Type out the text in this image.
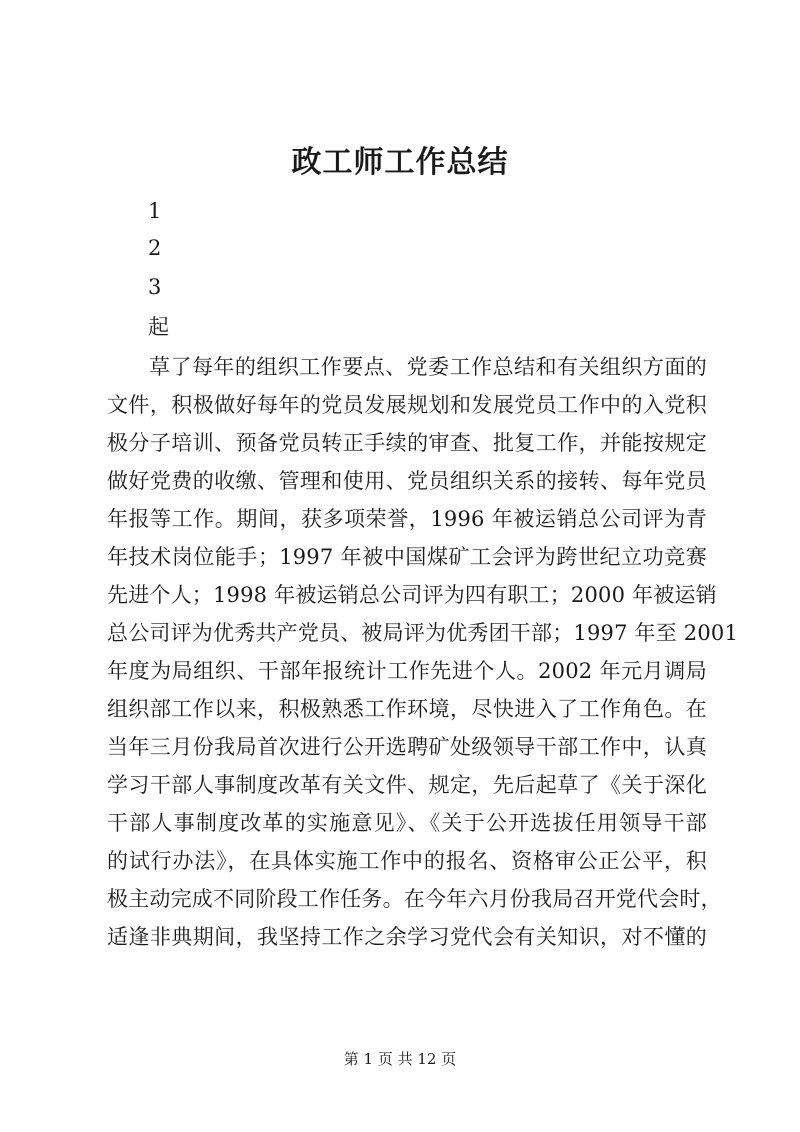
政工师工作总结
1
2
3
起
草了每年的组织工作要点、党委工作总结和有关组织方面的
文件，积极做好每年的党员发展规划和发展党员工作中的入党积
极分子培训、预备党员转正手续的审查、批复工作，并能按规定
做好党费的收缴、管理和使用、党员组织关系的接转、每年党员
年报等工作。期间，获多项荣誉，1996 年被运销总公司评为青
年技术岗位能手；1997 年被中国煤矿工会评为跨世纪立功竞赛
先进个人；1998 年被运销总公司评为四有职工；2000 年被运销
总公司评为优秀共产党员、被局评为优秀团干部；1997 年至 2001
年度为局组织、干部年报统计工作先进个人。2002 年元月调局
组织部工作以来，积极熟悉工作环境，尽快进入了工作角色。在
当年三月份我局首次进行公开选聘矿处级领导干部工作中，认真
学习干部人事制度改革有关文件、规定，先后起草了《关于深化
干部人事制度改革的实施意见》、《关于公开选拔任用领导干部
的试行办法》，在具体实施工作中的报名、资格审公正公平，积
极主动完成不同阶段工作任务。在今年六月份我局召开党代会时，
适逢非典期间，我坚持工作之余学习党代会有关知识，对不懂的
第 1 页 共 12 页
